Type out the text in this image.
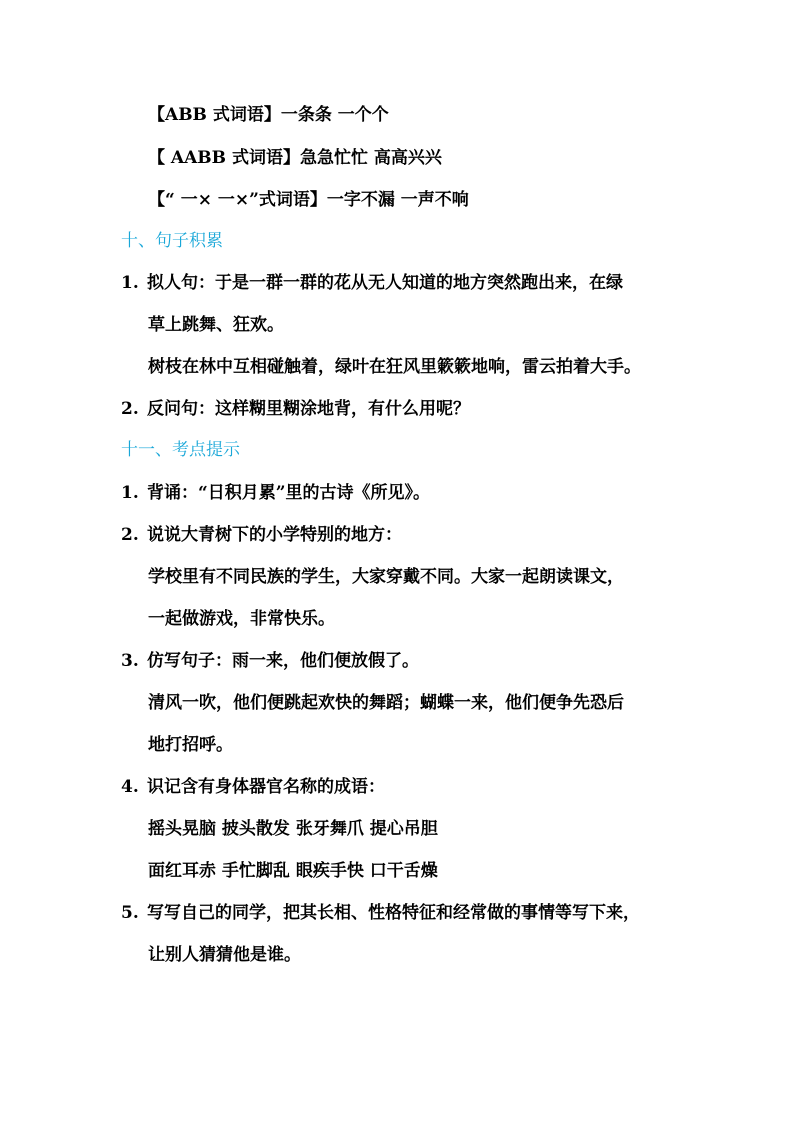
【ABB 式词语】一条条 一个个
【 AABB 式词语】急急忙忙 高高兴兴
【“ 一× 一×”式词语】一字不漏 一声不响
十、句子积累
1. 拟人句：于是一群一群的花从无人知道的地方突然跑出来，在绿
草上跳舞、狂欢。
树枝在林中互相碰触着，绿叶在狂风里簌簌地响，雷云拍着大手。
2. 反问句：这样糊里糊涂地背，有什么用呢？
十一、考点提示
1. 背诵：“日积月累”里的古诗《所见》。
2. 说说大青树下的小学特别的地方：
学校里有不同民族的学生，大家穿戴不同。大家一起朗读课文，
一起做游戏，非常快乐。
3. 仿写句子：雨一来，他们便放假了。
清风一吹，他们便跳起欢快的舞蹈；蝴蝶一来，他们便争先恐后
地打招呼。
4. 识记含有身体器官名称的成语：
摇头晃脑 披头散发 张牙舞爪 提心吊胆
面红耳赤 手忙脚乱 眼疾手快 口干舌燥
5. 写写自己的同学，把其长相、性格特征和经常做的事情等写下来，
让别人猜猜他是谁。
